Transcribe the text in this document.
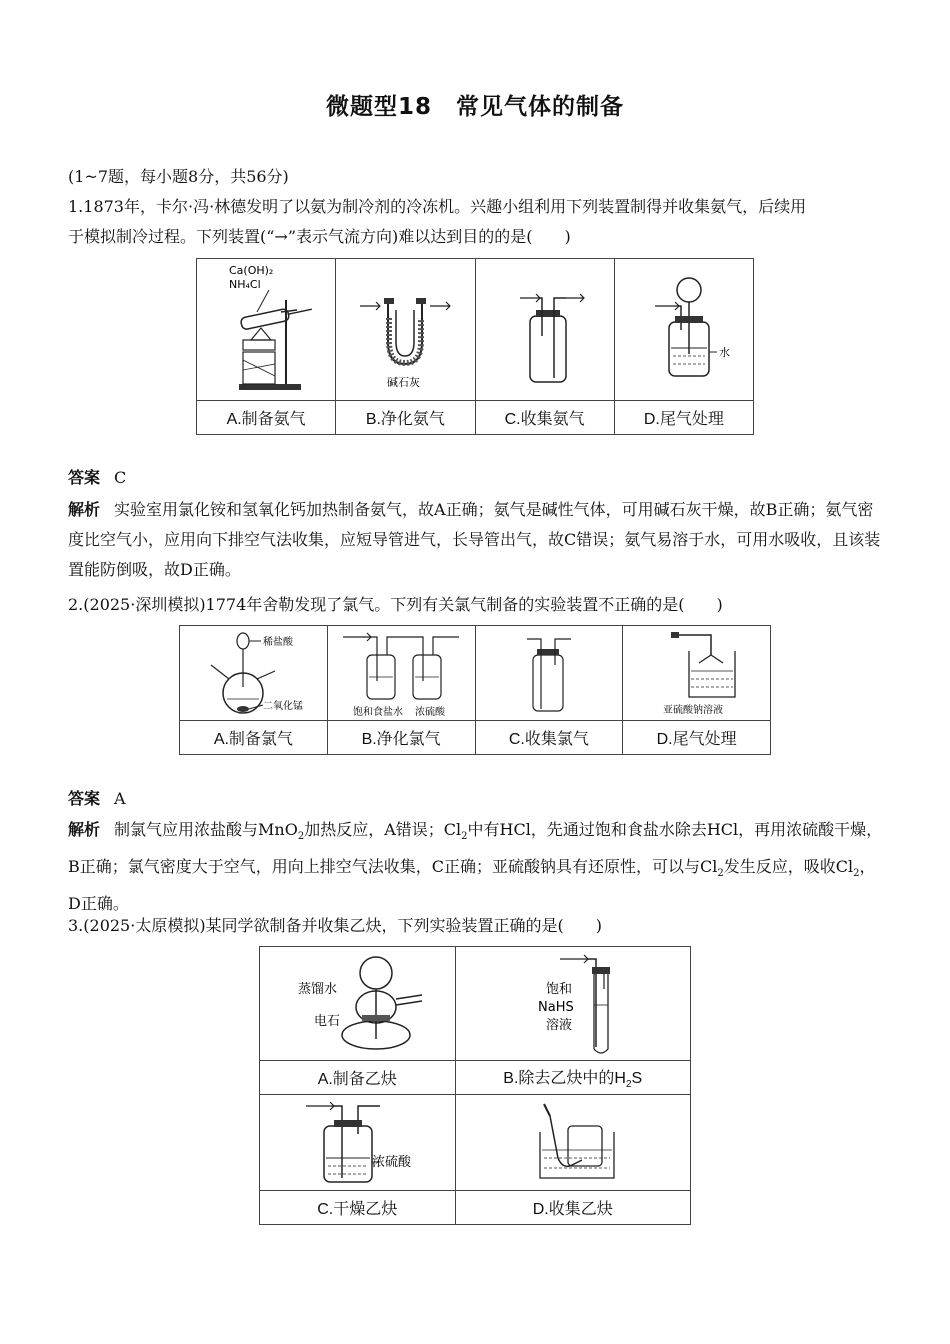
微题型18　常见气体的制备

(1~7题，每小题8分，共56分)

1.1873年，卡尔·冯·林德发明了以氨为制冷剂的冷冻机。兴趣小组利用下列装置制得并收集氨气，后续用

于模拟制冷过程。下列装置(“→”表示气流方向)难以达到目的的是(　　)

Ca(OH)₂
NH₄Cl	碱石灰		水

A.制备氨气	B.净化氨气	C.收集氨气	D.尾气处理

答案 C

解析 实验室用氯化铵和氢氧化钙加热制备氨气，故A正确；氨气是碱性气体，可用碱石灰干燥，故B正确；氨气密度比空气小，应用向下排空气法收集，应短导管进气，长导管出气，故C错误；氨气易溶于水，可用水吸收，且该装置能防倒吸，故D正确。

2.(2025·深圳模拟)1774年舍勒发现了氯气。下列有关氯气制备的实验装置不正确的是(　　)

稀盐酸
二氧化锰	饱和食盐水 浓硫酸		亚硫酸钠溶液

A.制备氯气	B.净化氯气	C.收集氯气	D.尾气处理

答案 A

解析 制氯气应用浓盐酸与MnO$_2$加热反应，A错误；$Cl_2$中有HCl，先通过饱和食盐水除去HCl，再用浓硫酸干燥，B正确；氯气密度大于空气，用向上排空气法收集，C正确；亚硫酸钠具有还原性，可以与$Cl_2$发生反应，吸收$Cl_2$，D正确。

3.(2025·太原模拟)某同学欲制备并收集乙炔，下列实验装置正确的是(　　)

蒸馏水
电石	饱和
NaHS
溶液

A.制备乙炔	B.除去乙炔中的$H_2S$

浓硫酸

C.干燥乙炔	D.收集乙炔
